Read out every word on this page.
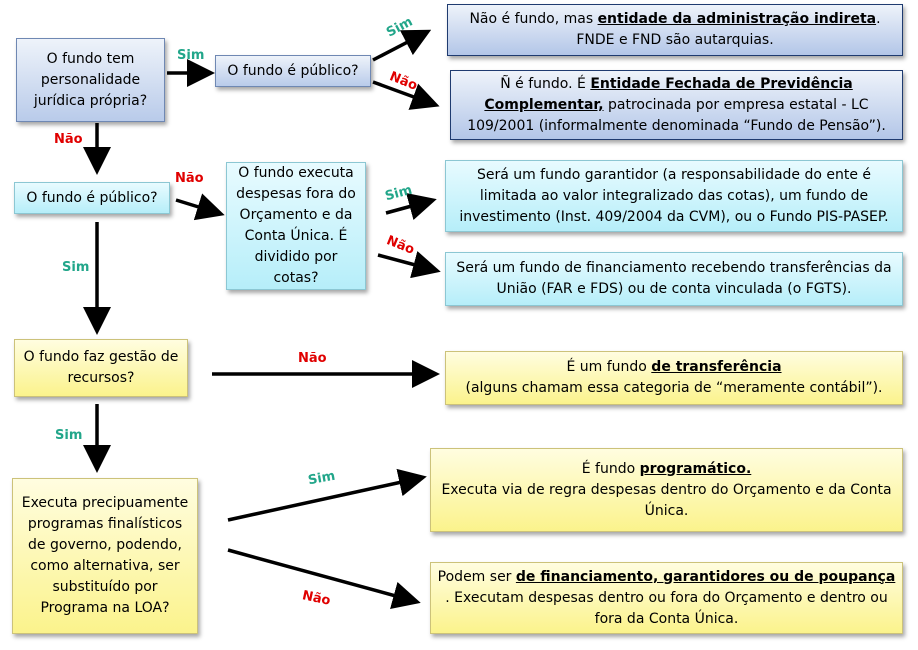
O fundo tem personalidade jurídica própria?
O fundo é público?
Não é fundo, mas entidade da administração indireta. FNDE e FND são autarquias.
Ñ é fundo. É Entidade Fechada de Previdência Complementar, patrocinada por empresa estatal - LC 109/2001 (informalmente denominada “Fundo de Pensão”).
O fundo é público?
O fundo executa despesas fora do Orçamento e da Conta Única. É dividido por cotas?
Será um fundo garantidor (a responsabilidade do ente é limitada ao valor integralizado das cotas), um fundo de investimento (Inst. 409/2004 da CVM), ou o Fundo PIS-PASEP.
Será um fundo de financiamento recebendo transferências da União (FAR e FDS) ou de conta vinculada (o FGTS).
O fundo faz gestão de recursos?
É um fundo de transferência
(alguns chamam essa categoria de “meramente contábil”).
Executa precipuamente programas finalísticos de governo, podendo, como alternativa, ser substituído por Programa na LOA?
É fundo programático.
Executa via de regra despesas dentro do Orçamento e da Conta Única.
Podem ser de financiamento, garantidores ou de poupança . Executam despesas dentro ou fora do Orçamento e dentro ou fora da Conta Única.
Sim
Sim
Não
Não
Não
Sim
Não
Sim
Não
Sim
Sim
Não
